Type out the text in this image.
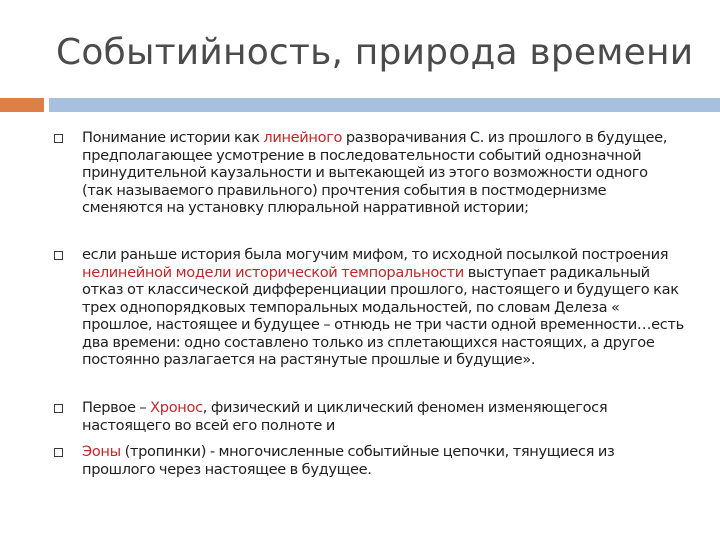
Событийность, природа времени
Понимание истории как линейного разворачивания С. из прошлого в будущее, предполагающее усмотрение в последовательности событий однозначной принудительной каузальности и вытекающей из этого возможности одного (так называемого правильного) прочтения события в постмодернизме сменяются на установку плюральной нарративной истории;
если раньше история была могучим мифом, то исходной посылкой построения нелинейной модели исторической темпоральности выступает радикальный отказ от классической дифференциации прошлого, настоящего и будущего как трех однопорядковых темпоральных модальностей, по словам Делеза « прошлое, настоящее и будущее – отнюдь не три части одной временности…есть два времени: одно составлено только из сплетающихся настоящих, а другое постоянно разлагается на растянутые прошлые и будущие».
Первое – Хронос, физический и циклический феномен изменяющегося настоящего во всей его полноте и
Эоны (тропинки) - многочисленные событийные цепочки, тянущиеся из прошлого через настоящее в будущее.
